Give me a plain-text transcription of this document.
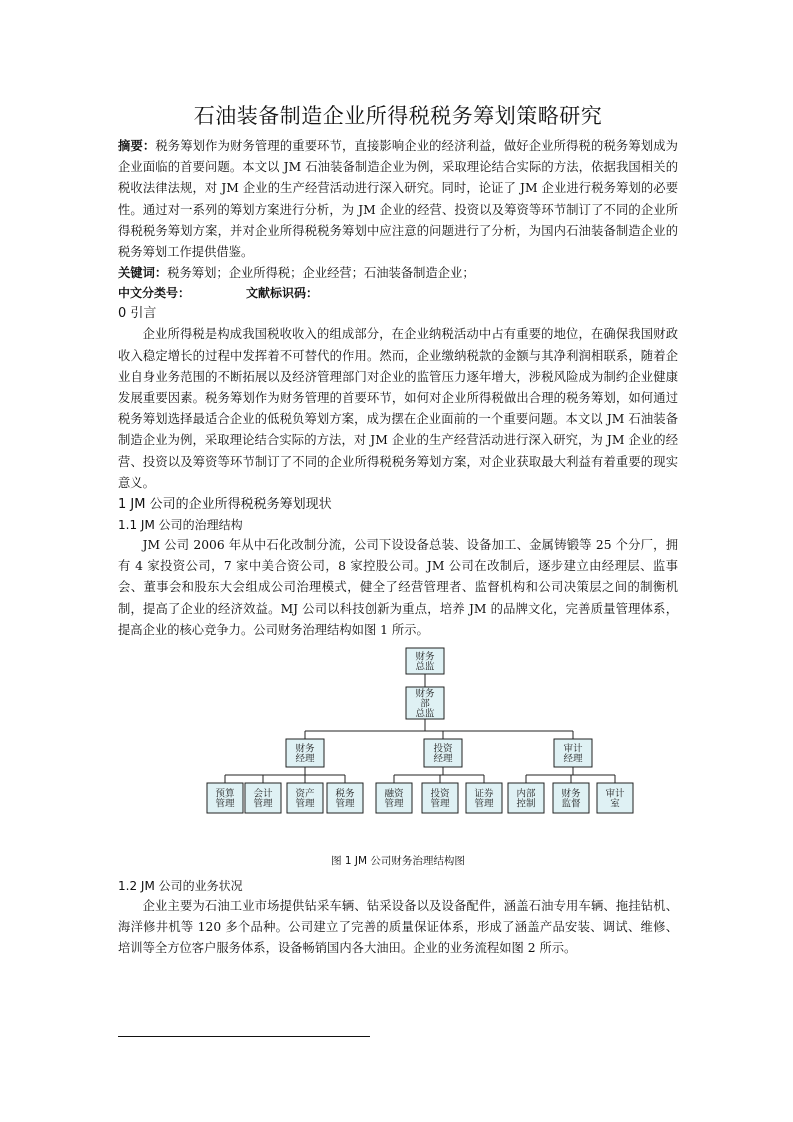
石油装备制造企业所得税税务筹划策略研究

摘要：税务筹划作为财务管理的重要环节，直接影响企业的经济利益，做好企业所得税的税务筹划成为企业面临的首要问题。本文以 JM 石油装备制造企业为例，采取理论结合实际的方法，依据我国相关的税收法律法规，对 JM 企业的生产经营活动进行深入研究。同时，论证了 JM 企业进行税务筹划的必要性。通过对一系列的筹划方案进行分析，为 JM 企业的经营、投资以及筹资等环节制订了不同的企业所得税税务筹划方案，并对企业所得税税务筹划中应注意的问题进行了分析，为国内石油装备制造企业的税务筹划工作提供借鉴。

关键词：税务筹划；企业所得税；企业经营；石油装备制造企业；

中文分类号：	文献标识码：
0 引言

企业所得税是构成我国税收收入的组成部分，在企业纳税活动中占有重要的地位，在确保我国财政收入稳定增长的过程中发挥着不可替代的作用。然而，企业缴纳税款的金额与其净利润相联系，随着企业自身业务范围的不断拓展以及经济管理部门对企业的监管压力逐年增大，涉税风险成为制约企业健康发展重要因素。税务筹划作为财务管理的首要环节，如何对企业所得税做出合理的税务筹划，如何通过税务筹划选择最适合企业的低税负筹划方案，成为摆在企业面前的一个重要问题。本文以 JM 石油装备制造企业为例，采取理论结合实际的方法，对 JM 企业的生产经营活动进行深入研究，为 JM 企业的经营、投资以及筹资等环节制订了不同的企业所得税税务筹划方案，对企业获取最大利益有着重要的现实意义。

1 JM 公司的企业所得税税务筹划现状
1.1 JM 公司的治理结构

JM 公司 2006 年从中石化改制分流，公司下设设备总装、设备加工、金属铸锻等 25 个分厂，拥有 4 家投资公司，7 家中美合资公司，8 家控股公司。JM 公司在改制后，逐步建立由经理层、监事会、董事会和股东大会组成公司治理模式，健全了经营管理者、监督机构和公司决策层之间的制衡机制，提高了企业的经济效益。MJ 公司以科技创新为重点，培养 JM 的品牌文化，完善质量管理体系，提高企业的核心竞争力。公司财务治理结构如图 1 所示。

财务
总监
财务
部
总监
财务
经理
预算
管理
会计
管理
资产
管理
税务
管理
投资
经理
融资
管理
投资
管理
证券
管理
审计
经理
内部
控制
财务
监督
审计
室
图 1 JM 公司财务治理结构图
1.2 JM 公司的业务状况

企业主要为石油工业市场提供钻采车辆、钻采设备以及设备配件，涵盖石油专用车辆、拖挂钻机、海洋修井机等 120 多个品种。公司建立了完善的质量保证体系，形成了涵盖产品安装、调试、维修、培训等全方位客户服务体系，设备畅销国内各大油田。企业的业务流程如图 2 所示。
